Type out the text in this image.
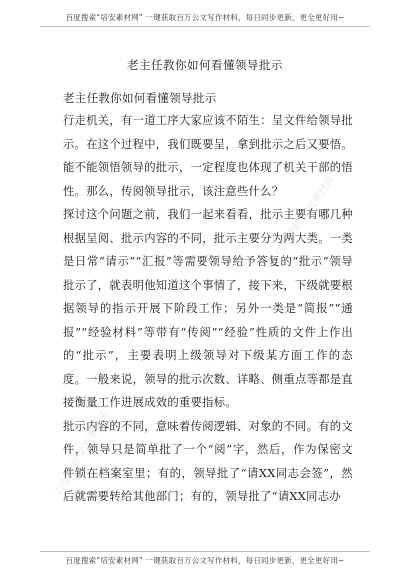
百度搜索“培安素材网” 一键获取百万公文写作材料，每日同步更新，更全更好用~
老主任教你如何看懂领导批示
老主任教你如何看懂领导批示

行走机关，有一道工序大家应该不陌生：呈文件给领导批示。在这个过程中，我们既要呈，拿到批示之后又要悟。能不能领悟领导的批示，一定程度也体现了机关干部的悟性。那么，传阅领导批示，该注意些什么？

探讨这个问题之前，我们一起来看看，批示主要有哪几种根据呈阅、批示内容的不同，批示主要分为两大类。一类是日常“请示”“汇报”等需要领导给予答复的“批示”领导批示了，就表明他知道这个事情了，接下来，下级就要根据领导的指示开展下阶段工作；另外一类是“简报”“通报”“经验材料”等带有“传阅”“经验”性质的文件上作出的“批示”，主要表明上级领导对下级某方面工作的态度。一般来说，领导的批示次数、详略、侧重点等都是直接衡量工作进展成效的重要指标。

批示内容的不同，意味着传阅逻辑、对象的不同。有的文件，领导只是简单批了一个“阅”字，然后，作为保密文件锁在档案室里；有的，领导批了“请XX同志会签”，然后就需要转给其他部门；有的，领导批了“请XX同志办

百度搜索“培安素材网”
百度搜索“培安素材网”
百度搜索“培安素材网” 一键获取百万公文写作材料，每日同步更新，更全更好用~
